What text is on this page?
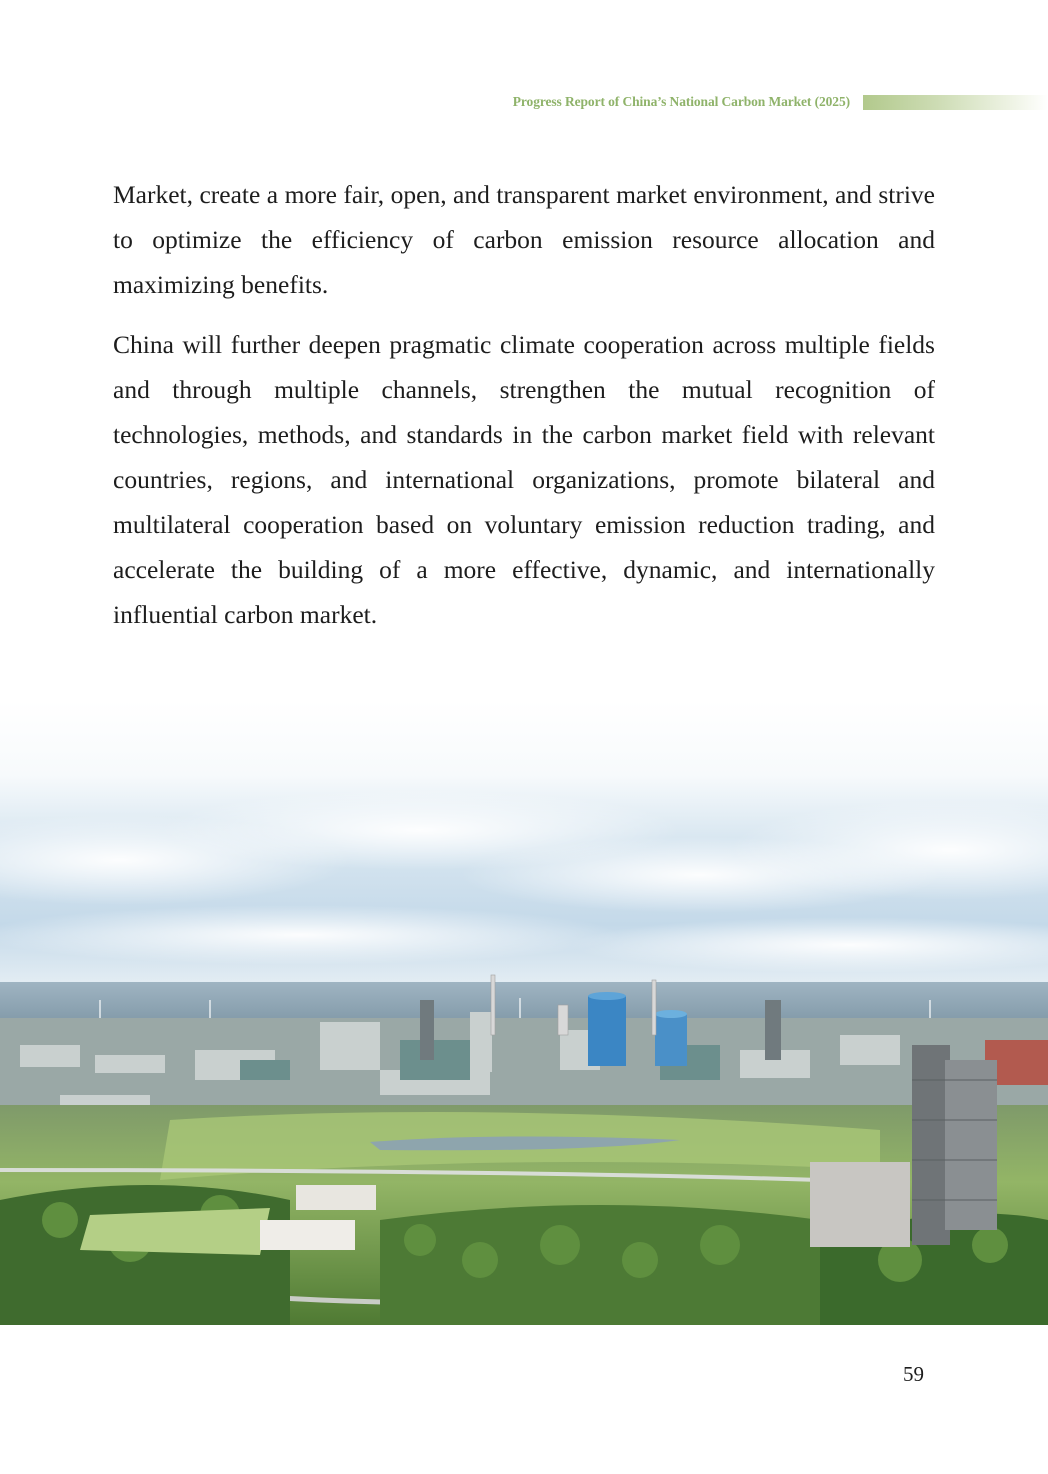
Progress Report of China’s National Carbon Market (2025)

Market, create a more fair, open, and transparent market environment, and strive to optimize the efficiency of carbon emission resource allocation and maximizing benefits.

China will further deepen pragmatic climate cooperation across multiple fields and through multiple channels, strengthen the mutual recognition of technologies, methods, and standards in the carbon market field with relevant countries, regions, and international organizations, promote bilateral and multilateral cooperation based on voluntary emission reduction trading, and accelerate the building of a more effective, dynamic, and internationally influential carbon market.

59
